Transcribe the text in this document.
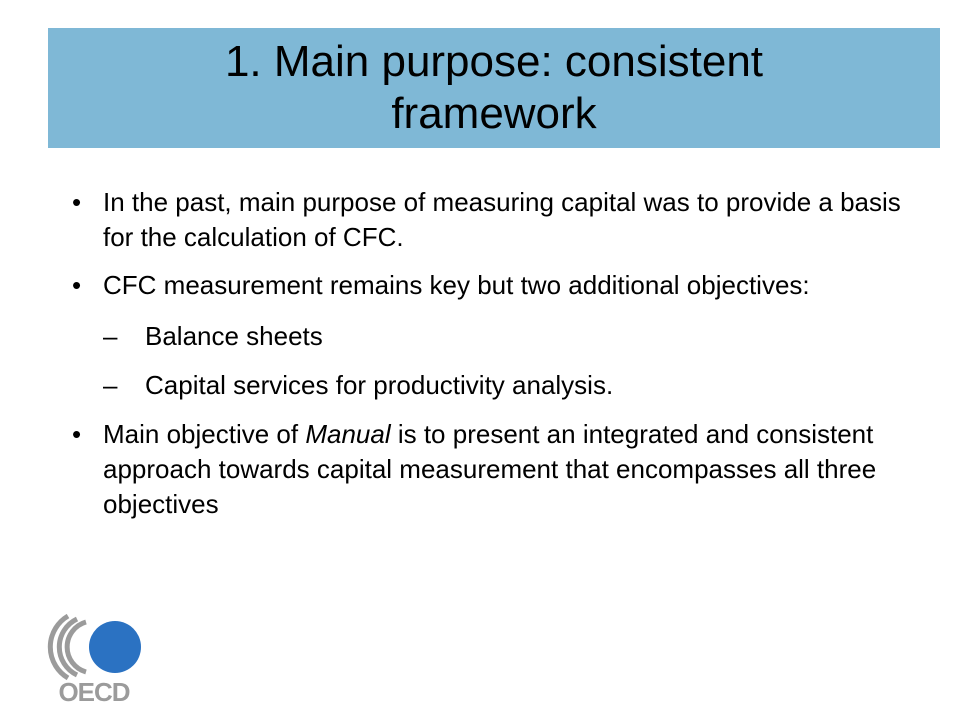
1. Main purpose: consistent framework
• In the past, main purpose of measuring capital was to provide a basis for the calculation of CFC.
• CFC measurement remains key but two additional objectives:
– Balance sheets
– Capital services for productivity analysis.
• Main objective of Manual is to present an integrated and consistent approach towards capital measurement that encompasses all three objectives
OECD
